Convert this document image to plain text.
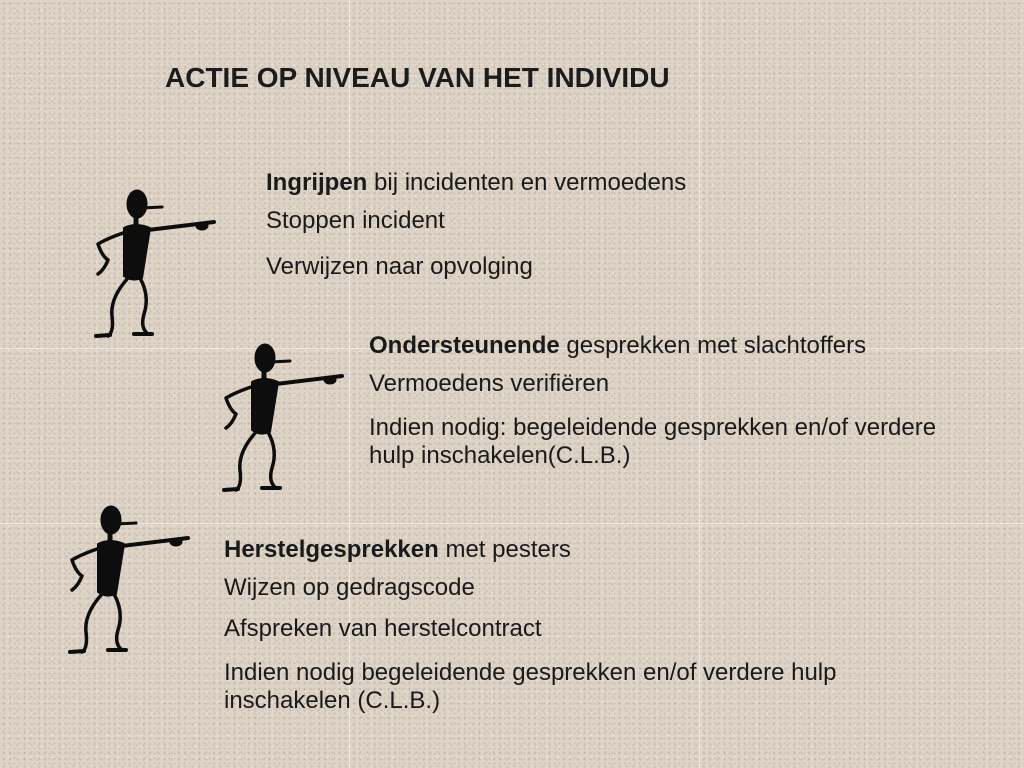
ACTIE OP NIVEAU VAN HET INDIVIDU
Ingrijpen bij incidenten en vermoedens
Stoppen incident
Verwijzen naar opvolging
Ondersteunende gesprekken met slachtoffers
Vermoedens verifiëren
Indien nodig: begeleidende gesprekken en/of verdere hulp inschakelen(C.L.B.)
Herstelgesprekken met pesters
Wijzen op gedragscode
Afspreken van herstelcontract
Indien nodig begeleidende gesprekken en/of verdere hulp inschakelen (C.L.B.)
